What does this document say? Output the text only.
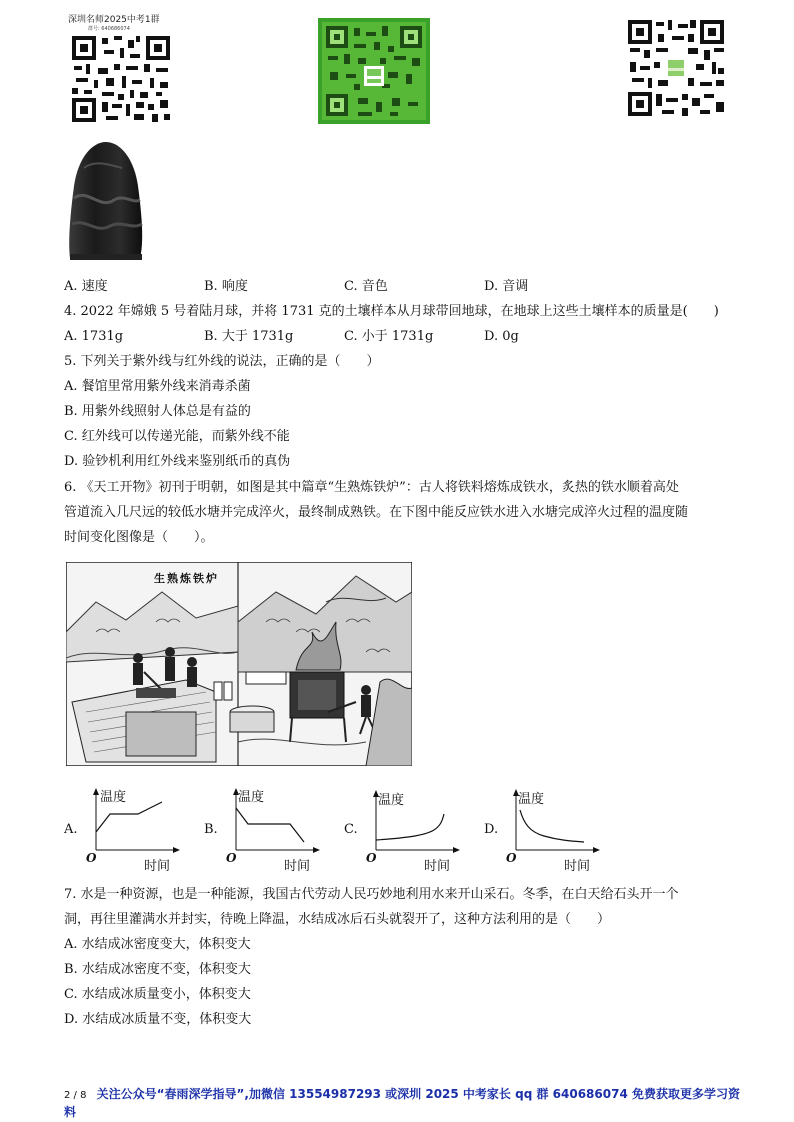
深圳名师2025中考1群
群号: 640686074
A. 速度	B. 响度	C. 音色	D. 音调
4. 2022 年嫦娥 5 号着陆月球，并将 1731 克的土壤样本从月球带回地球，在地球上这些土壤样本的质量是(　　)
A. 1731g	B. 大于 1731g	C. 小于 1731g	D. 0g
5. 下列关于紫外线与红外线的说法，正确的是（　　）
A. 餐馆里常用紫外线来消毒杀菌
B. 用紫外线照射人体总是有益的
C. 红外线可以传递光能，而紫外线不能
D. 验钞机利用红外线来鉴别纸币的真伪
6. 《天工开物》初刊于明朝，如图是其中篇章“生熟炼铁炉”：古人将铁料熔炼成铁水，炙热的铁水顺着高处
管道流入几尺远的较低水塘并完成淬火，最终制成熟铁。在下图中能反应铁水进入水塘完成淬火过程的温度随
时间变化图像是（　　）。
生熟炼铁炉
A.
温度
O
时间
B.
温度
O
时间
C.
温度
O
时间
D.
温度
O
时间
7. 水是一种资源，也是一种能源，我国古代劳动人民巧妙地利用水来开山采石。冬季，在白天给石头开一个
洞，再往里灌满水并封实，待晚上降温，水结成冰后石头就裂开了，这种方法利用的是（　　）
A. 水结成冰密度变大，体积变大
B. 水结成冰密度不变，体积变大
C. 水结成冰质量变小，体积变大
D. 水结成冰质量不变，体积变大
2 / 8 关注公众号“春雨深学指导”,加微信 13554987293 或深圳 2025 中考家长 qq 群 640686074 免费获取更多学习资料
